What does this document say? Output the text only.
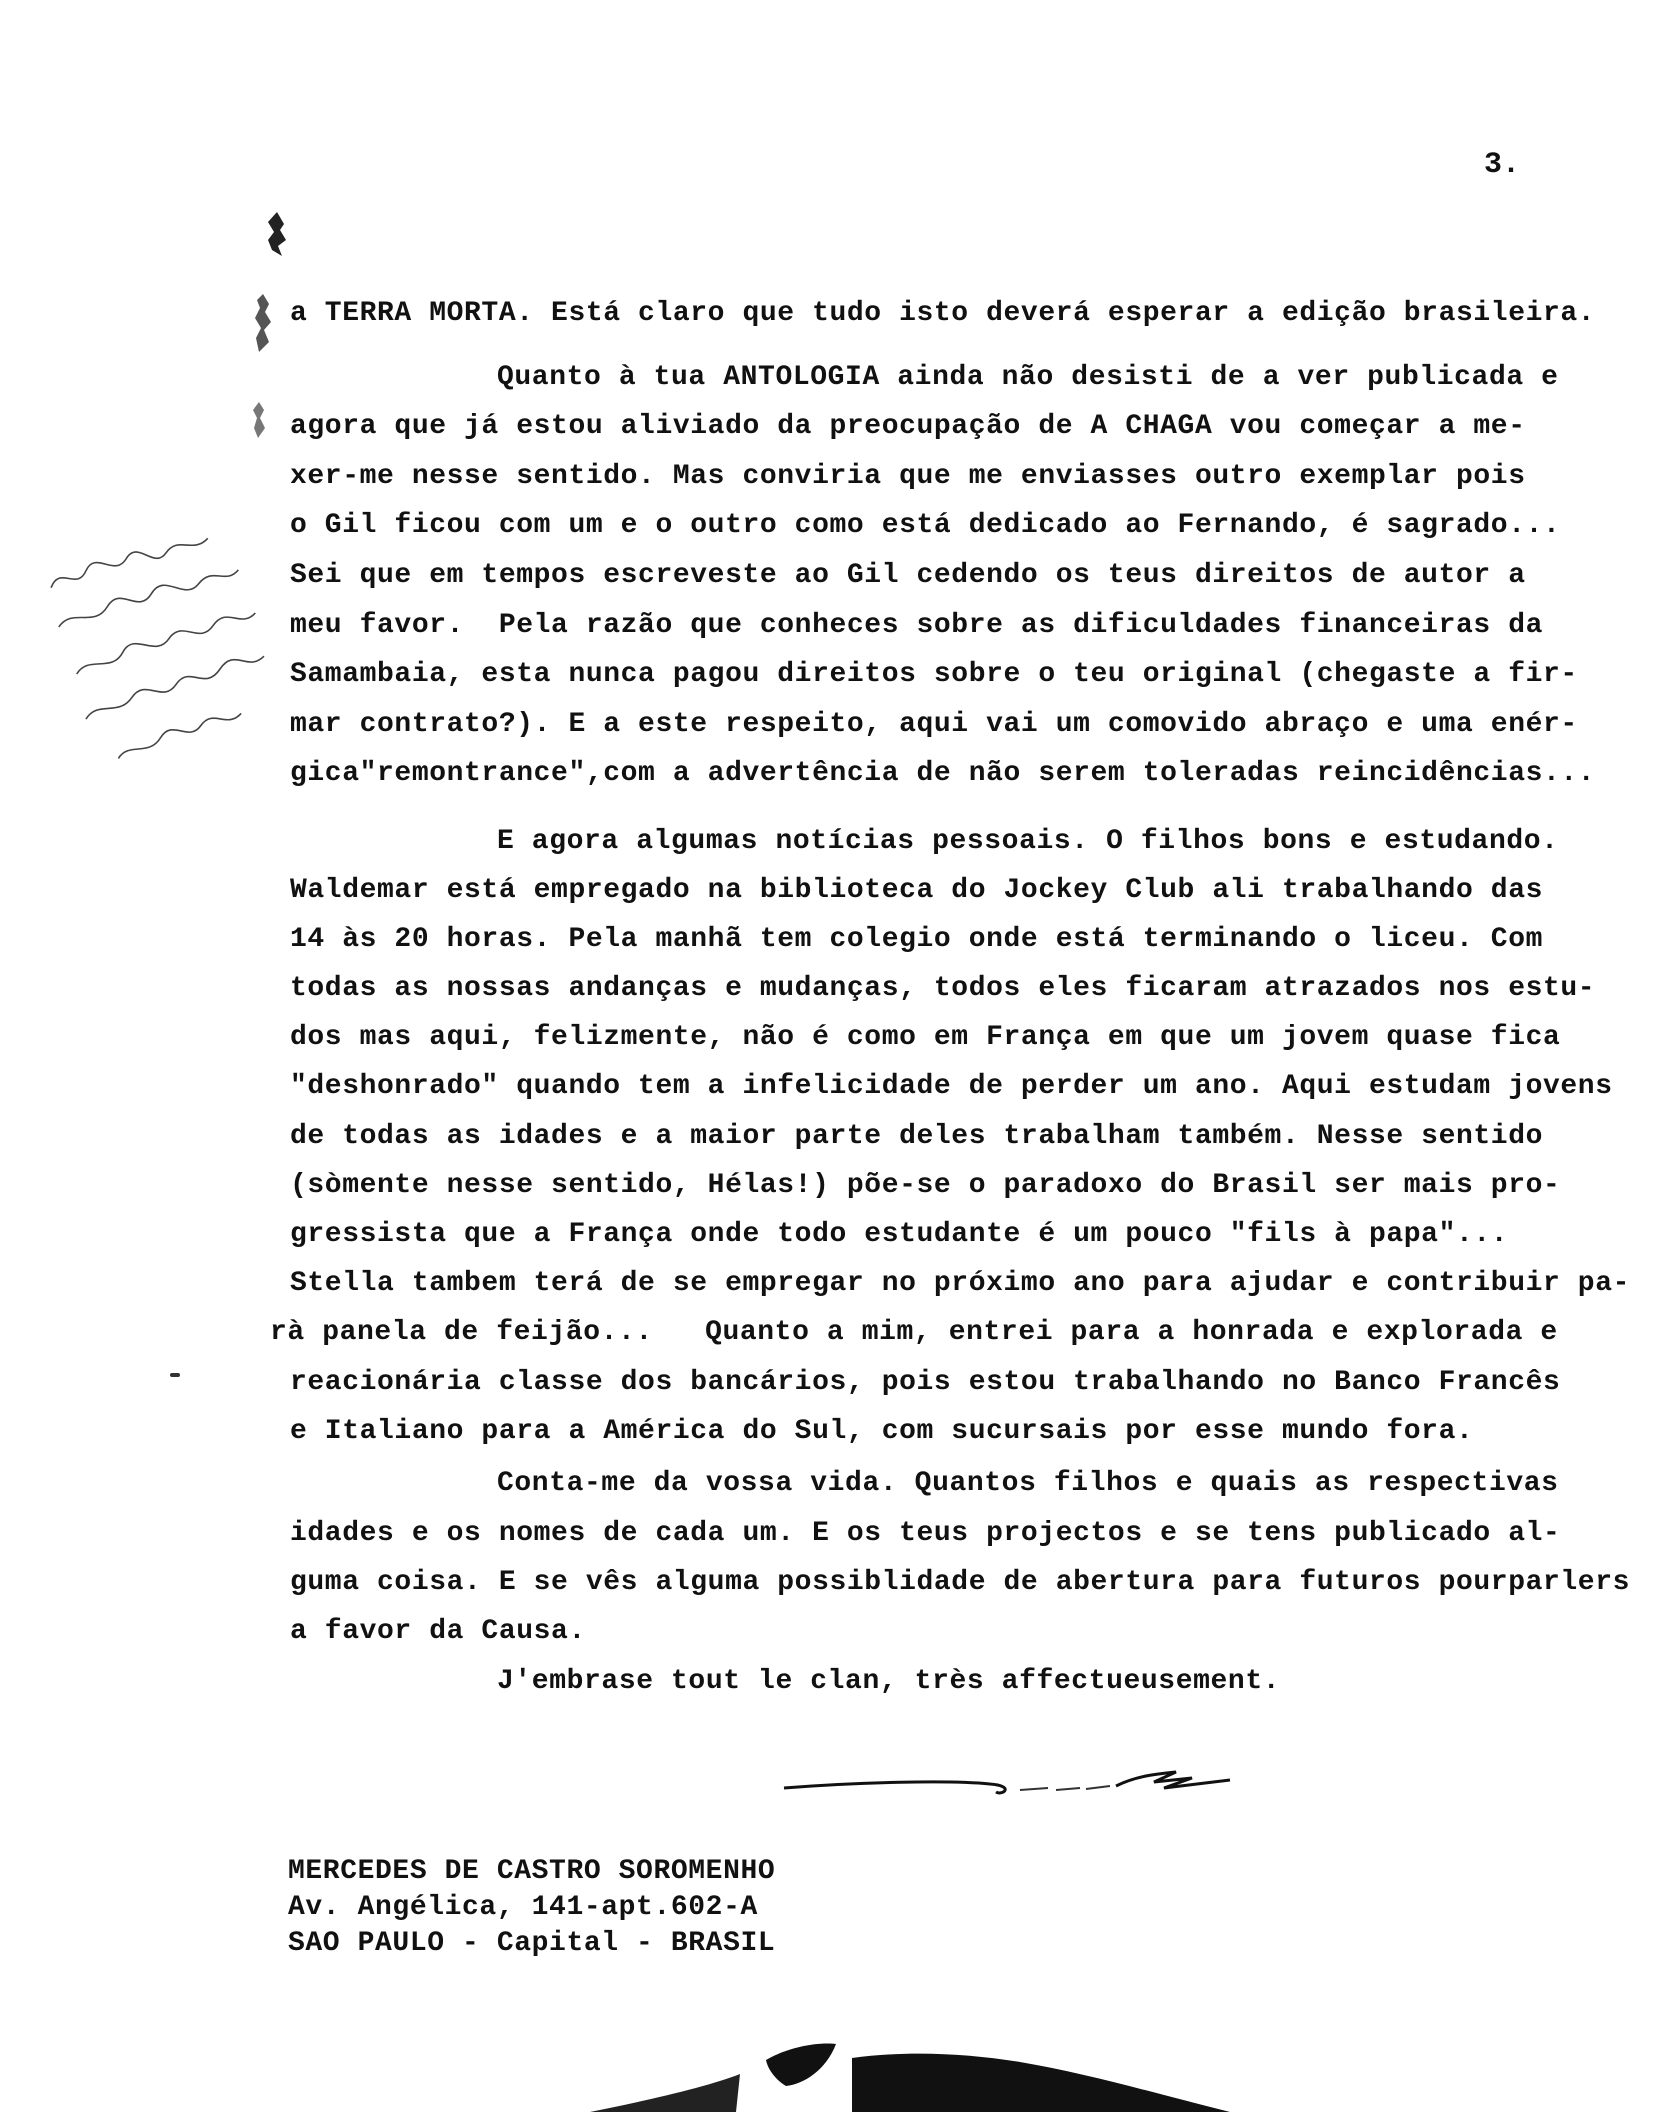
3.
a TERRA MORTA. Está claro que tudo isto deverá esperar a edição brasileira.
Quanto à tua ANTOLOGIA ainda não desisti de a ver publicada e
agora que já estou aliviado da preocupação de A CHAGA vou começar a me-
xer-me nesse sentido. Mas conviria que me enviasses outro exemplar pois
o Gil ficou com um e o outro como está dedicado ao Fernando, é sagrado...
Sei que em tempos escreveste ao Gil cedendo os teus direitos de autor a
meu favor.  Pela razão que conheces sobre as dificuldades financeiras da
Samambaia, esta nunca pagou direitos sobre o teu original (chegaste a fir-
mar contrato?). E a este respeito, aqui vai um comovido abraço e uma enér-
gica"remontrance",com a advertência de não serem toleradas reincidências...
E agora algumas notícias pessoais. O filhos bons e estudando.
Waldemar está empregado na biblioteca do Jockey Club ali trabalhando das
14 às 20 horas. Pela manhã tem colegio onde está terminando o liceu. Com
todas as nossas andanças e mudanças, todos eles ficaram atrazados nos estu-
dos mas aqui, felizmente, não é como em França em que um jovem quase fica
"deshonrado" quando tem a infelicidade de perder um ano. Aqui estudam jovens
de todas as idades e a maior parte deles trabalham também. Nesse sentido
(sòmente nesse sentido, Hélas!) põe-se o paradoxo do Brasil ser mais pro-
gressista que a França onde todo estudante é um pouco "fils à papa"...
Stella tambem terá de se empregar no próximo ano para ajudar e contribuir pa-
rà panela de feijão...   Quanto a mim, entrei para a honrada e explorada e
reacionária classe dos bancários, pois estou trabalhando no Banco Francês
e Italiano para a América do Sul, com sucursais por esse mundo fora.
Conta-me da vossa vida. Quantos filhos e quais as respectivas
idades e os nomes de cada um. E os teus projectos e se tens publicado al-
guma coisa. E se vês alguma possiblidade de abertura para futuros pourparlers
a favor da Causa.
J'embrase tout le clan, très affectueusement.
MERCEDES DE CASTRO SOROMENHO
Av. Angélica, 141-apt.602-A
SAO PAULO - Capital - BRASIL
